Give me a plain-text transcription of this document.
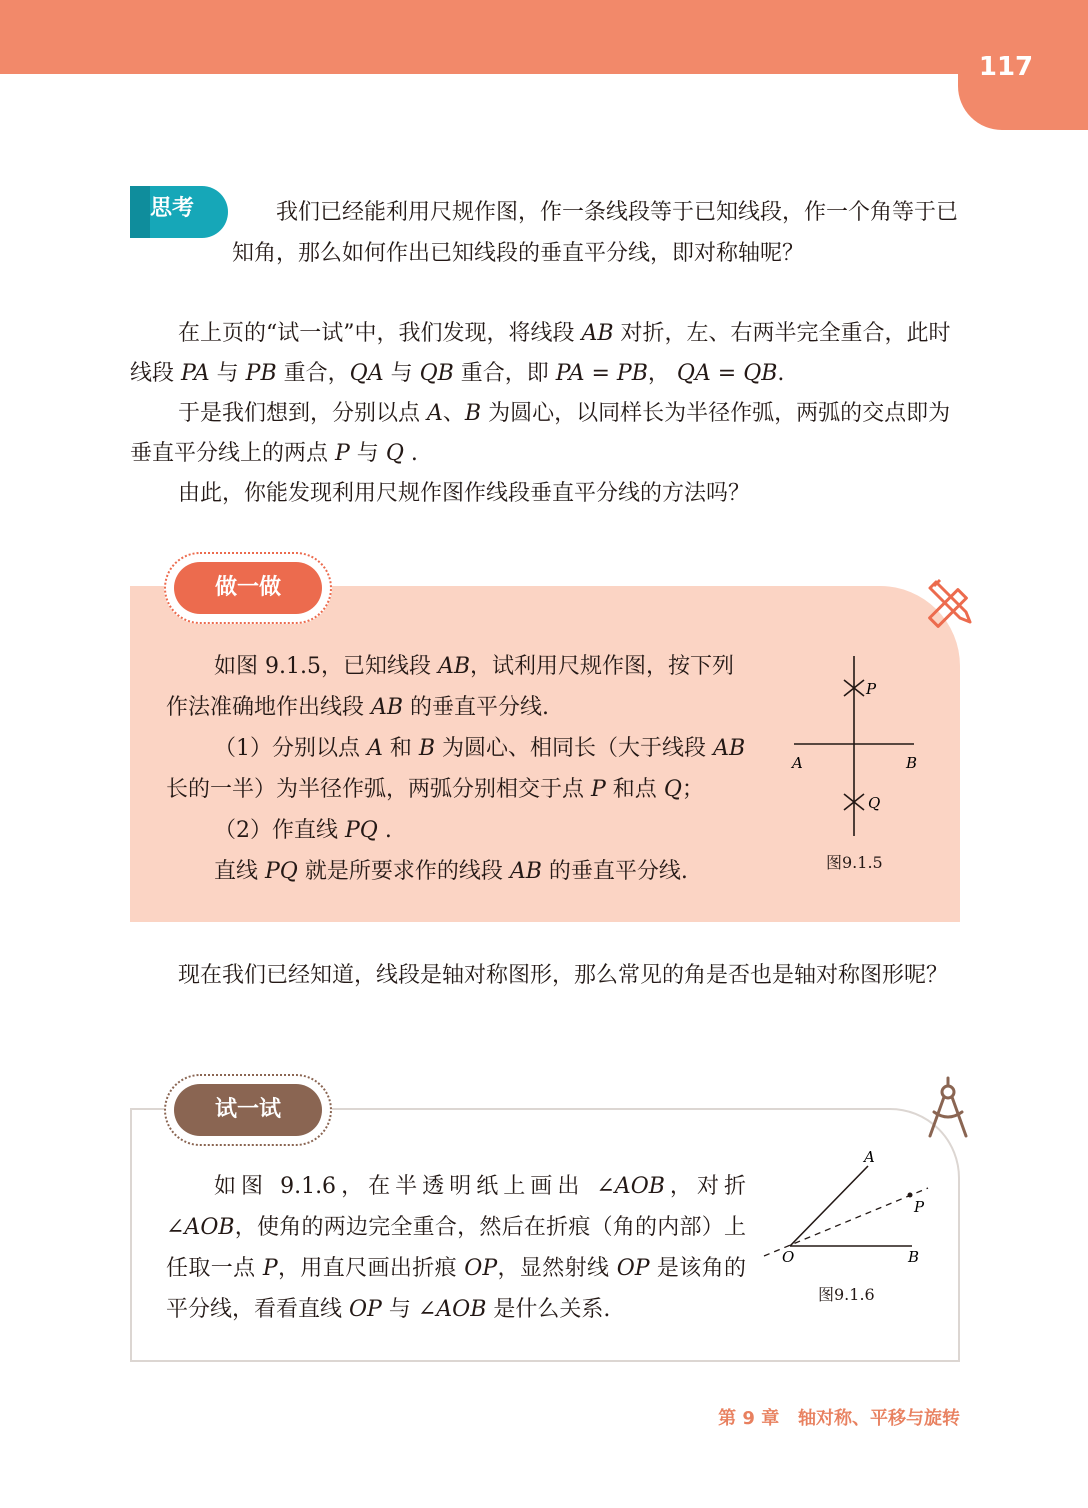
117
思考	我们已经能利用尺规作图，作一条线段等于已知线段，作一个角等于已知角，那么如何作出已知线段的垂直平分线，即对称轴呢？

在上页的“试一试”中，我们发现，将线段 AB 对折，左、右两半完全重合，此时线段 PA 与 PB 重合，QA 与 QB 重合，即 PA = PB， QA = QB.

于是我们想到，分别以点 A、B 为圆心，以同样长为半径作弧，两弧的交点即为垂直平分线上的两点 P 与 Q .

由此，你能发现利用尺规作图作线段垂直平分线的方法吗？

做一做

如图 9.1.5，已知线段 AB，试利用尺规作图，按下列作法准确地作出线段 AB 的垂直平分线.

（1）分别以点 A 和 B 为圆心、相同长（大于线段 AB 长的一半）为半径作弧，两弧分别相交于点 P 和点 Q；

（2）作直线 PQ .

直线 PQ 就是所要求作的线段 AB 的垂直平分线.

P
Q
A	B
图9.1.5

现在我们已经知道，线段是轴对称图形，那么常见的角是否也是轴对称图形呢？

试一试

如图 9.1.6，在半透明纸上画出 ∠AOB，对折 ∠AOB，使角的两边完全重合，然后在折痕（角的内部）上任取一点 P，用直尺画出折痕 OP，显然射线 OP 是该角的平分线，看看直线 OP 与 ∠AOB 是什么关系.

A
O	B
P
图9.1.6
第 9 章   轴对称、平移与旋转
